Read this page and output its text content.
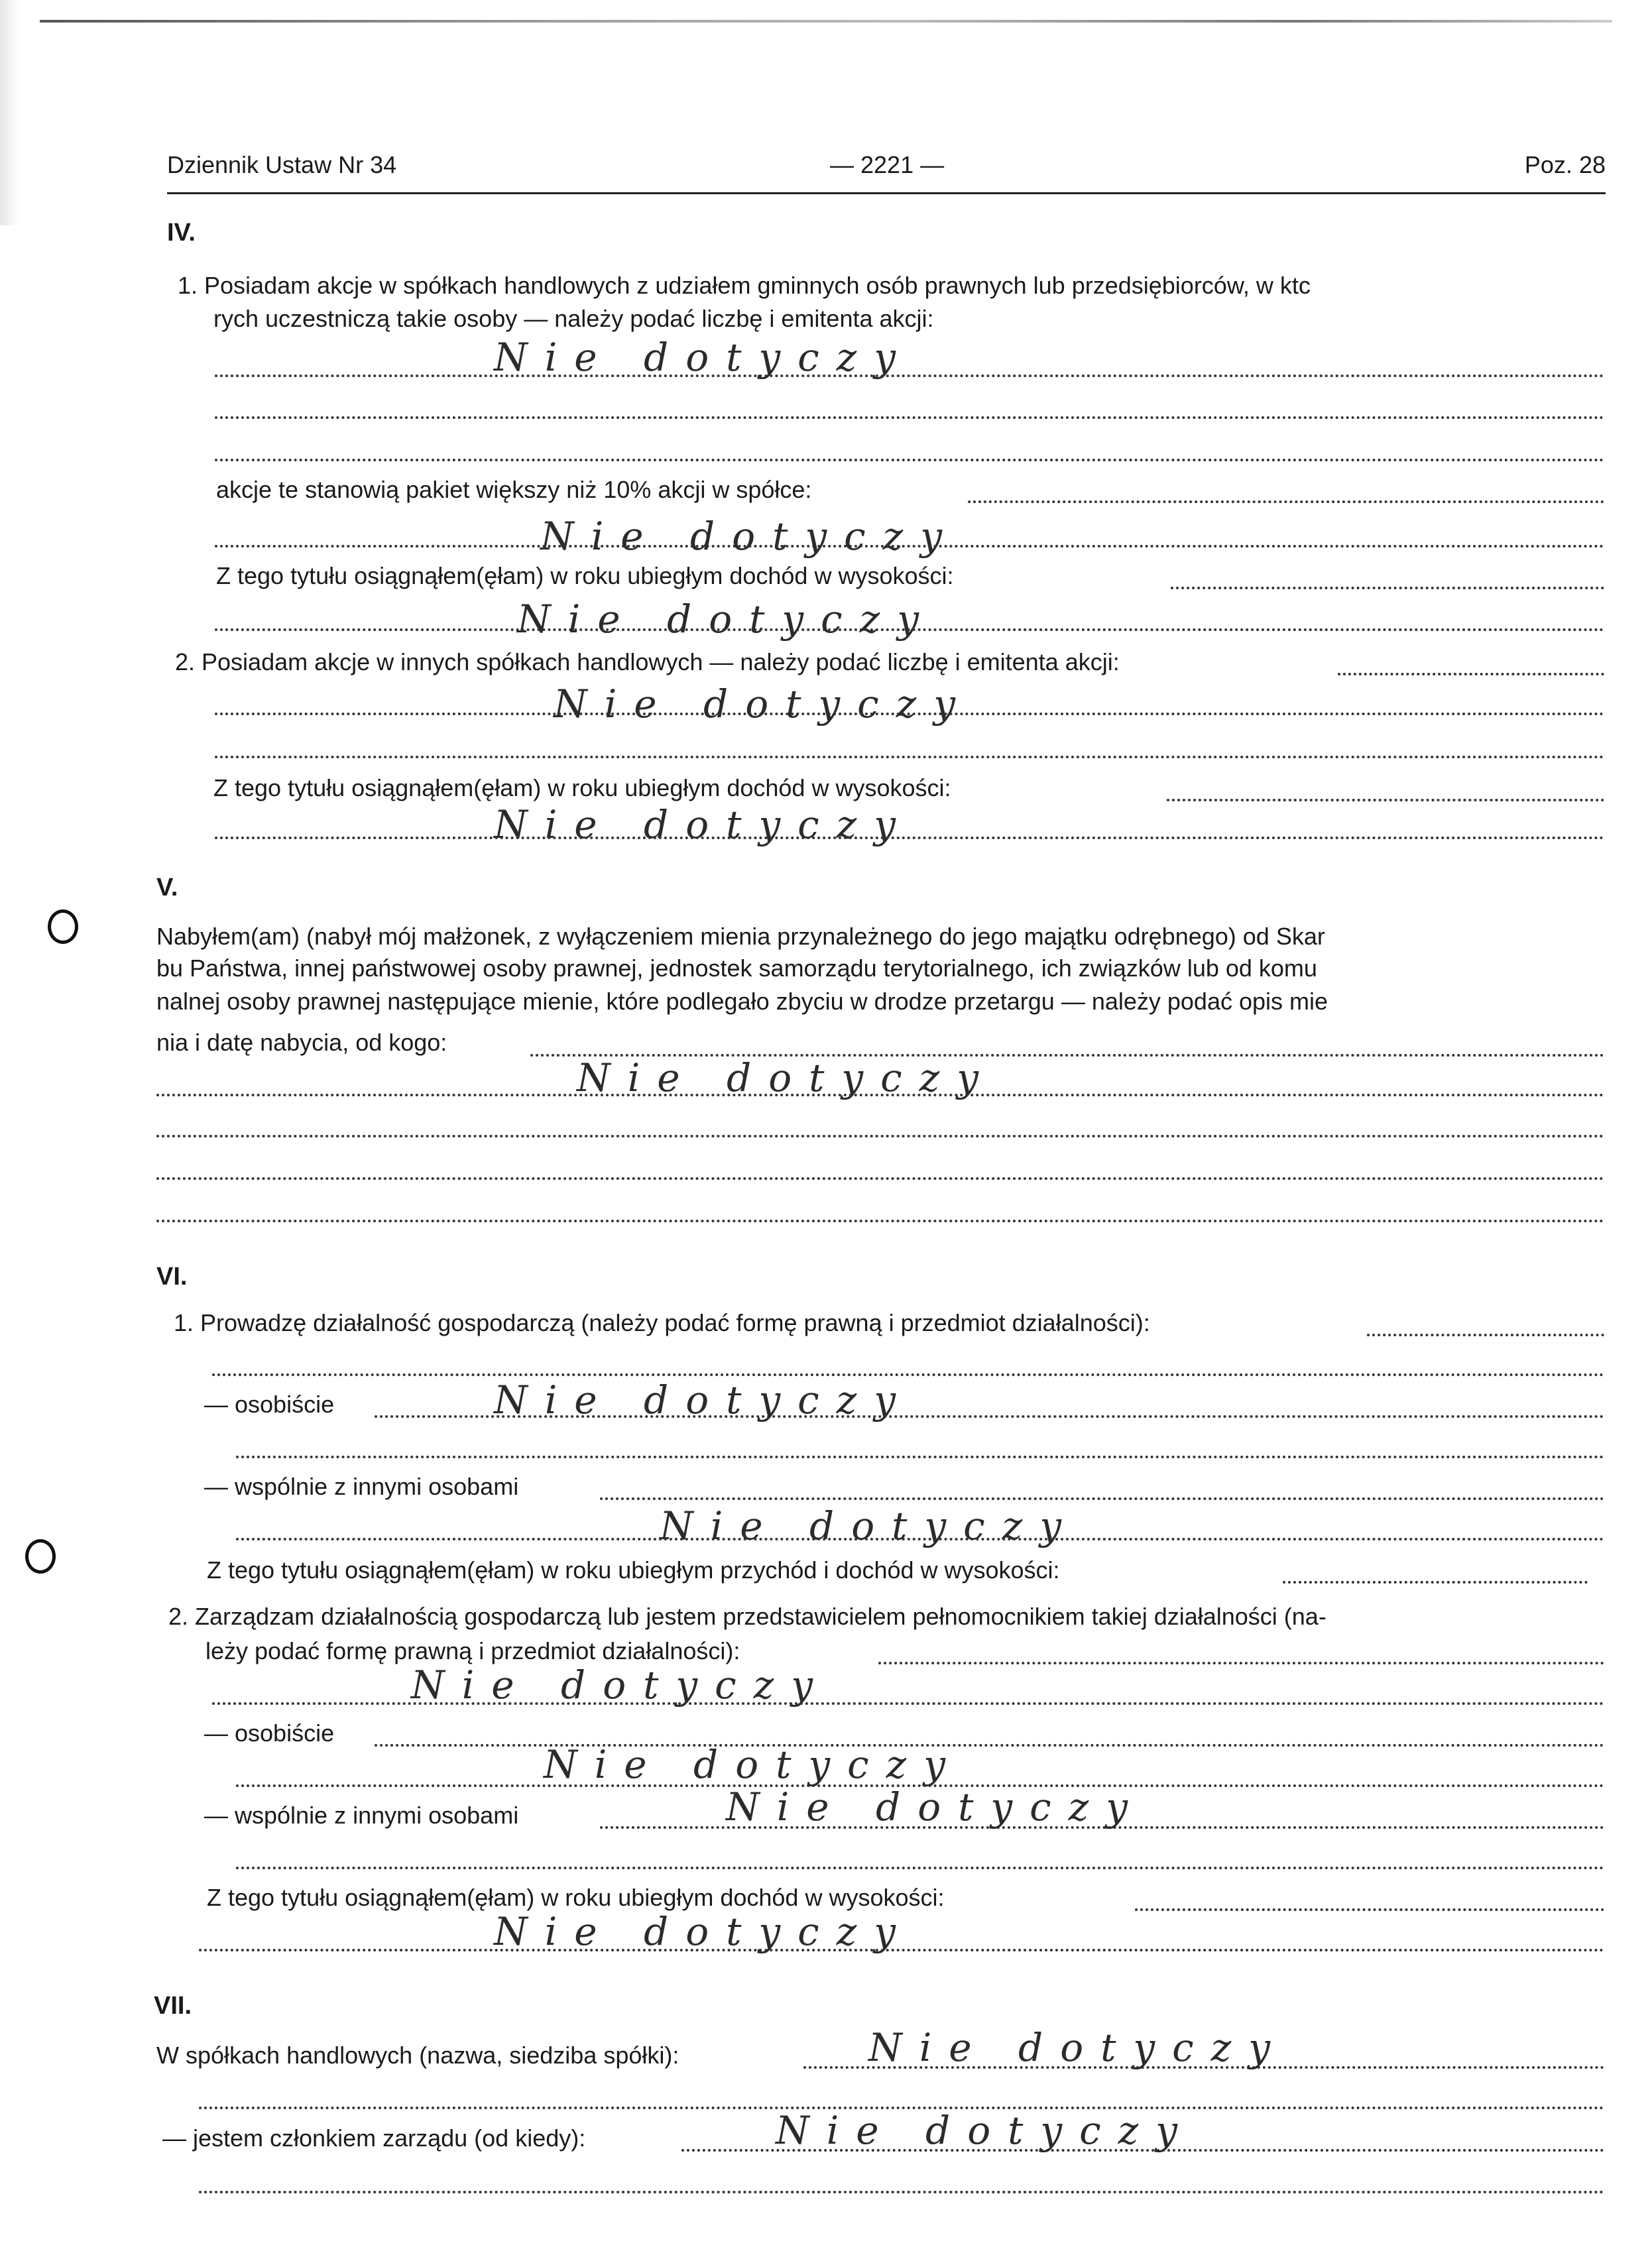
Dziennik Ustaw Nr 34	— 2221 —	Poz. 28
IV.
1. Posiadam akcje w spółkach handlowych z udziałem gminnych osób prawnych lub przedsiębiorców, w ktc
rych uczestniczą takie osoby — należy podać liczbę i emitenta akcji:
Nie dotyczy
akcje te stanowią pakiet większy niż 10% akcji w spółce:
Nie dotyczy
Z tego tytułu osiągnąłem(ęłam) w roku ubiegłym dochód w wysokości:
Nie dotyczy
2. Posiadam akcje w innych spółkach handlowych — należy podać liczbę i emitenta akcji:
Nie dotyczy
Z tego tytułu osiągnąłem(ęłam) w roku ubiegłym dochód w wysokości:
Nie dotyczy
V.
Nabyłem(am) (nabył mój małżonek, z wyłączeniem mienia przynależnego do jego majątku odrębnego) od Skar
bu Państwa, innej państwowej osoby prawnej, jednostek samorządu terytorialnego, ich związków lub od komu
nalnej osoby prawnej następujące mienie, które podlegało zbyciu w drodze przetargu — należy podać opis mie
nia i datę nabycia, od kogo:
Nie dotyczy
VI.
1. Prowadzę działalność gospodarczą (należy podać formę prawną i przedmiot działalności):
— osobiście	Nie dotyczy
— wspólnie z innymi osobami
Nie dotyczy
Z tego tytułu osiągnąłem(ęłam) w roku ubiegłym przychód i dochód w wysokości:
2. Zarządzam działalnością gospodarczą lub jestem przedstawicielem pełnomocnikiem takiej działalności (na-
leży podać formę prawną i przedmiot działalności):
Nie dotyczy
— osobiście
Nie dotyczy
— wspólnie z innymi osobami	Nie dotyczy
Z tego tytułu osiągnąłem(ęłam) w roku ubiegłym dochód w wysokości:
Nie dotyczy
VII.
W spółkach handlowych (nazwa, siedziba spółki):	Nie dotyczy
— jestem członkiem zarządu (od kiedy):	Nie dotyczy
